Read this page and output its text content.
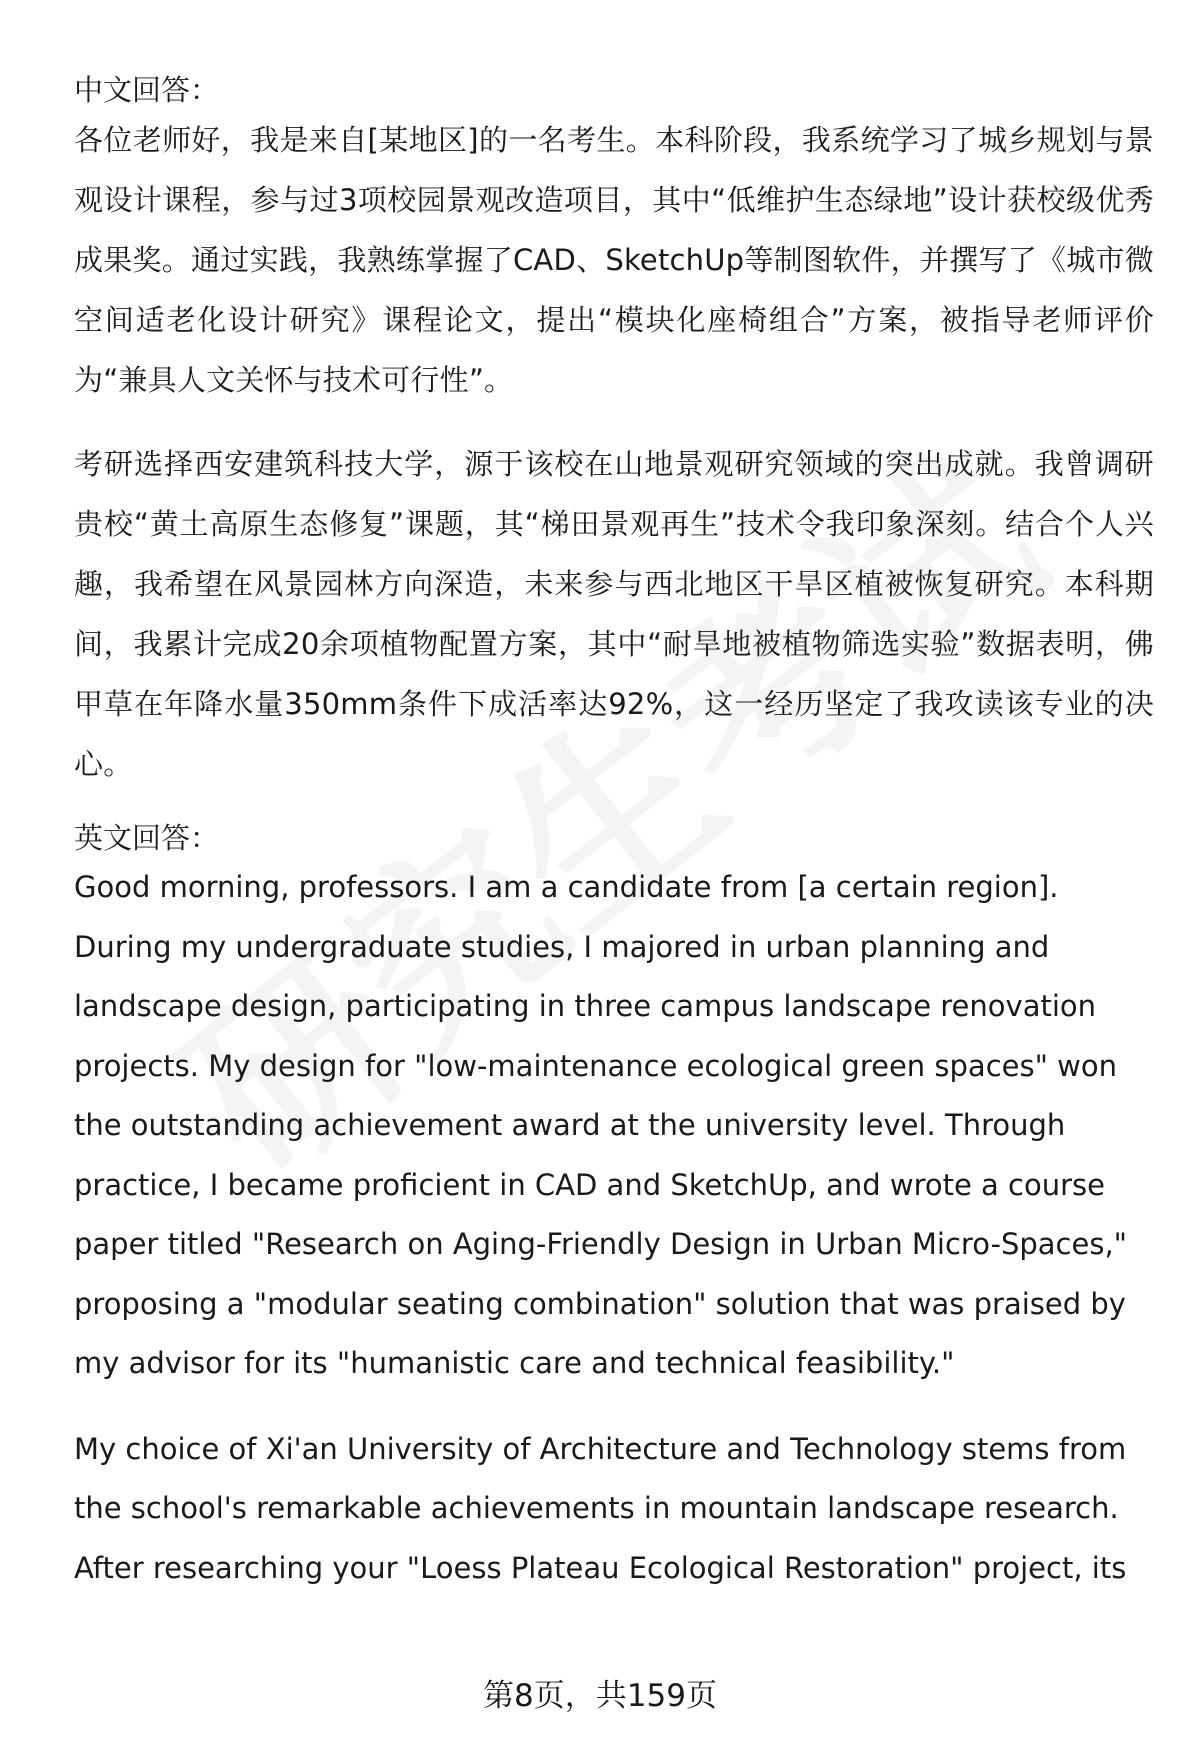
中文回答：

各位老师好，我是来自[某地区]的一名考生。本科阶段，我系统学习了城乡规划与景观设计课程，参与过3项校园景观改造项目，其中“低维护生态绿地”设计获校级优秀成果奖。通过实践，我熟练掌握了CAD、SketchUp等制图软件，并撰写了《城市微空间适老化设计研究》课程论文，提出“模块化座椅组合”方案，被指导老师评价为“兼具人文关怀与技术可行性”。

考研选择西安建筑科技大学，源于该校在山地景观研究领域的突出成就。我曾调研贵校“黄土高原生态修复”课题，其“梯田景观再生”技术令我印象深刻。结合个人兴趣，我希望在风景园林方向深造，未来参与西北地区干旱区植被恢复研究。本科期间，我累计完成20余项植物配置方案，其中“耐旱地被植物筛选实验”数据表明，佛甲草在年降水量350mm条件下成活率达92%，这一经历坚定了我攻读该专业的决心。

英文回答：

Good morning, professors. I am a candidate from [a certain region]. During my undergraduate studies, I majored in urban planning and landscape design, participating in three campus landscape renovation projects. My design for "low-maintenance ecological green spaces" won the outstanding achievement award at the university level. Through practice, I became proficient in CAD and SketchUp, and wrote a course paper titled "Research on Aging-Friendly Design in Urban Micro-Spaces," proposing a "modular seating combination" solution that was praised by my advisor for its "humanistic care and technical feasibility."

My choice of Xi'an University of Architecture and Technology stems from the school's remarkable achievements in mountain landscape research. After researching your "Loess Plateau Ecological Restoration" project, its

第8页，共159页
